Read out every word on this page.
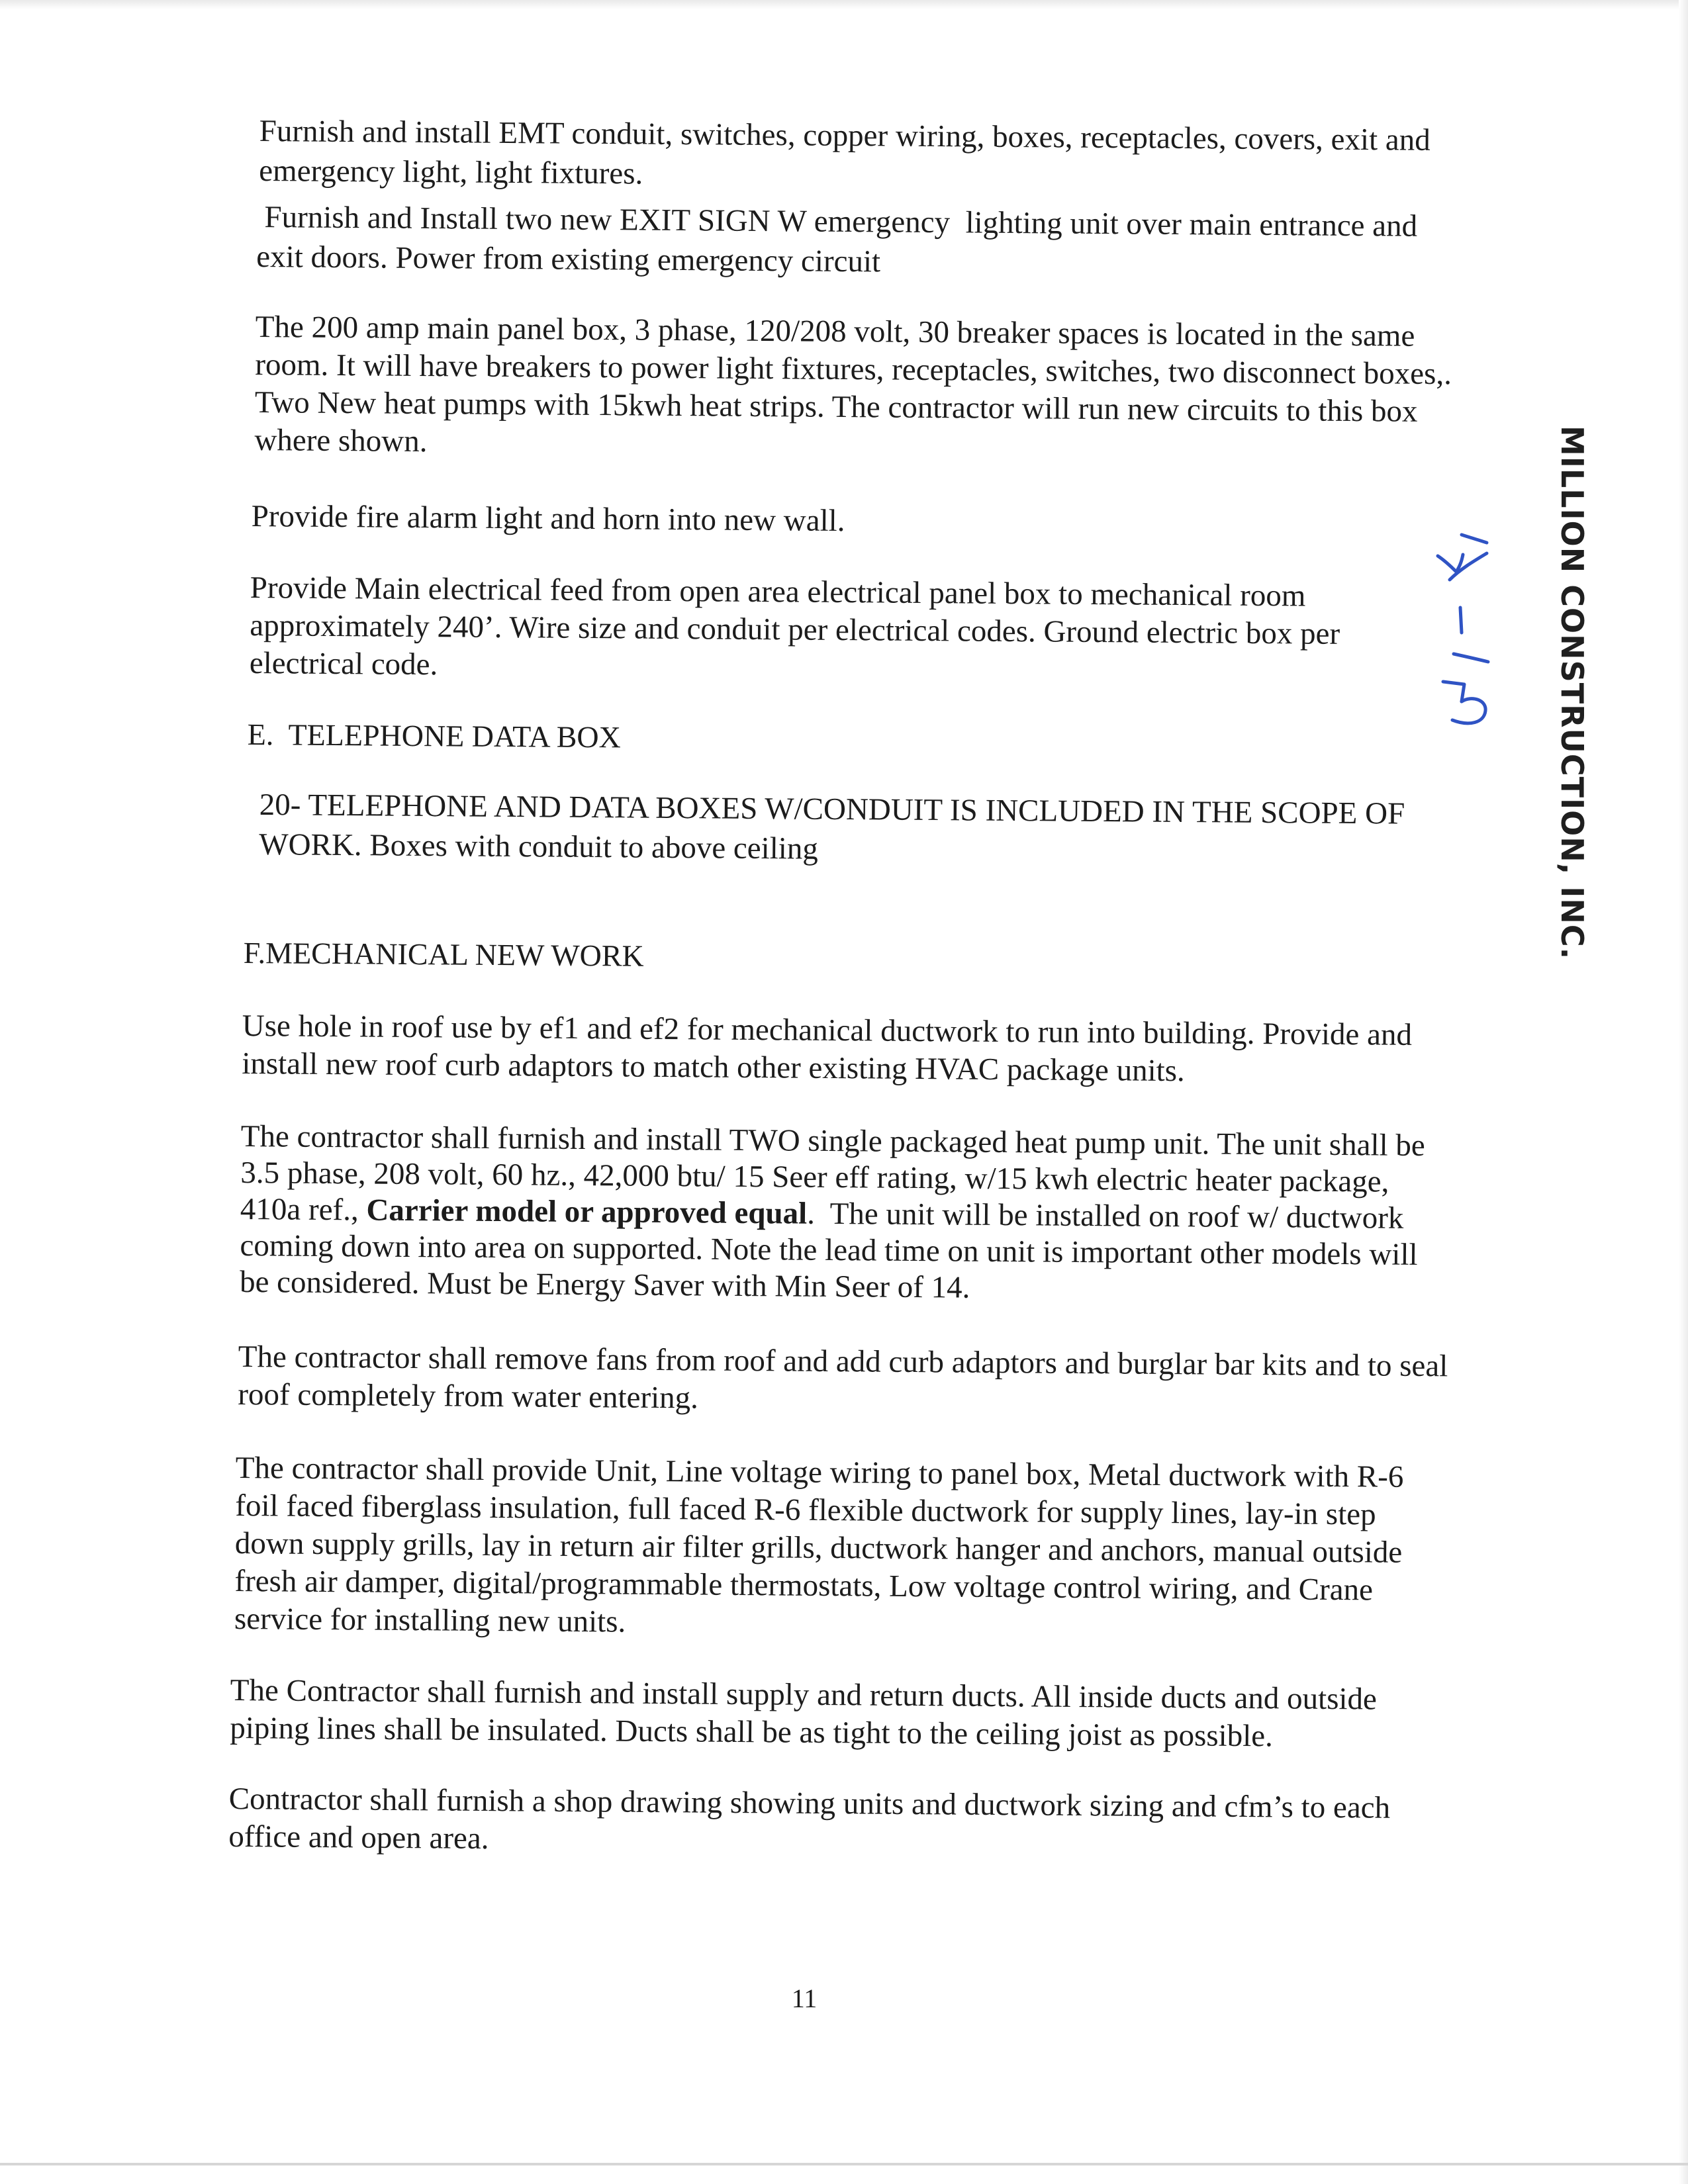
Furnish and install EMT conduit, switches, copper wiring, boxes, receptacles, covers, exit and
emergency light, light fixtures.

Furnish and Install two new EXIT SIGN W emergency  lighting unit over main entrance and
exit doors. Power from existing emergency circuit

The 200 amp main panel box, 3 phase, 120/208 volt, 30 breaker spaces is located in the same
room. It will have breakers to power light fixtures, receptacles, switches, two disconnect boxes,.
Two New heat pumps with 15kwh heat strips. The contractor will run new circuits to this box
where shown.

Provide fire alarm light and horn into new wall.

Provide Main electrical feed from open area electrical panel box to mechanical room
approximately 240’. Wire size and conduit per electrical codes. Ground electric box per
electrical code.

E.  TELEPHONE DATA BOX

20- TELEPHONE AND DATA BOXES W/CONDUIT IS INCLUDED IN THE SCOPE OF
WORK. Boxes with conduit to above ceiling

F.MECHANICAL NEW WORK

Use hole in roof use by ef1 and ef2 for mechanical ductwork to run into building. Provide and
install new roof curb adaptors to match other existing HVAC package units.

The contractor shall furnish and install TWO single packaged heat pump unit. The unit shall be
3.5 phase, 208 volt, 60 hz., 42,000 btu/ 15 Seer eff rating, w/15 kwh electric heater package,
410a ref., Carrier model or approved equal.  The unit will be installed on roof w/ ductwork
coming down into area on supported. Note the lead time on unit is important other models will
be considered. Must be Energy Saver with Min Seer of 14.

The contractor shall remove fans from roof and add curb adaptors and burglar bar kits and to seal
roof completely from water entering.

The contractor shall provide Unit, Line voltage wiring to panel box, Metal ductwork with R-6
foil faced fiberglass insulation, full faced R-6 flexible ductwork for supply lines, lay-in step
down supply grills, lay in return air filter grills, ductwork hanger and anchors, manual outside
fresh air damper, digital/programmable thermostats, Low voltage control wiring, and Crane
service for installing new units.

The Contractor shall furnish and install supply and return ducts. All inside ducts and outside
piping lines shall be insulated. Ducts shall be as tight to the ceiling joist as possible.

Contractor shall furnish a shop drawing showing units and ductwork sizing and cfm’s to each
office and open area.

11

MILLION CONSTRUCTION, INC.
